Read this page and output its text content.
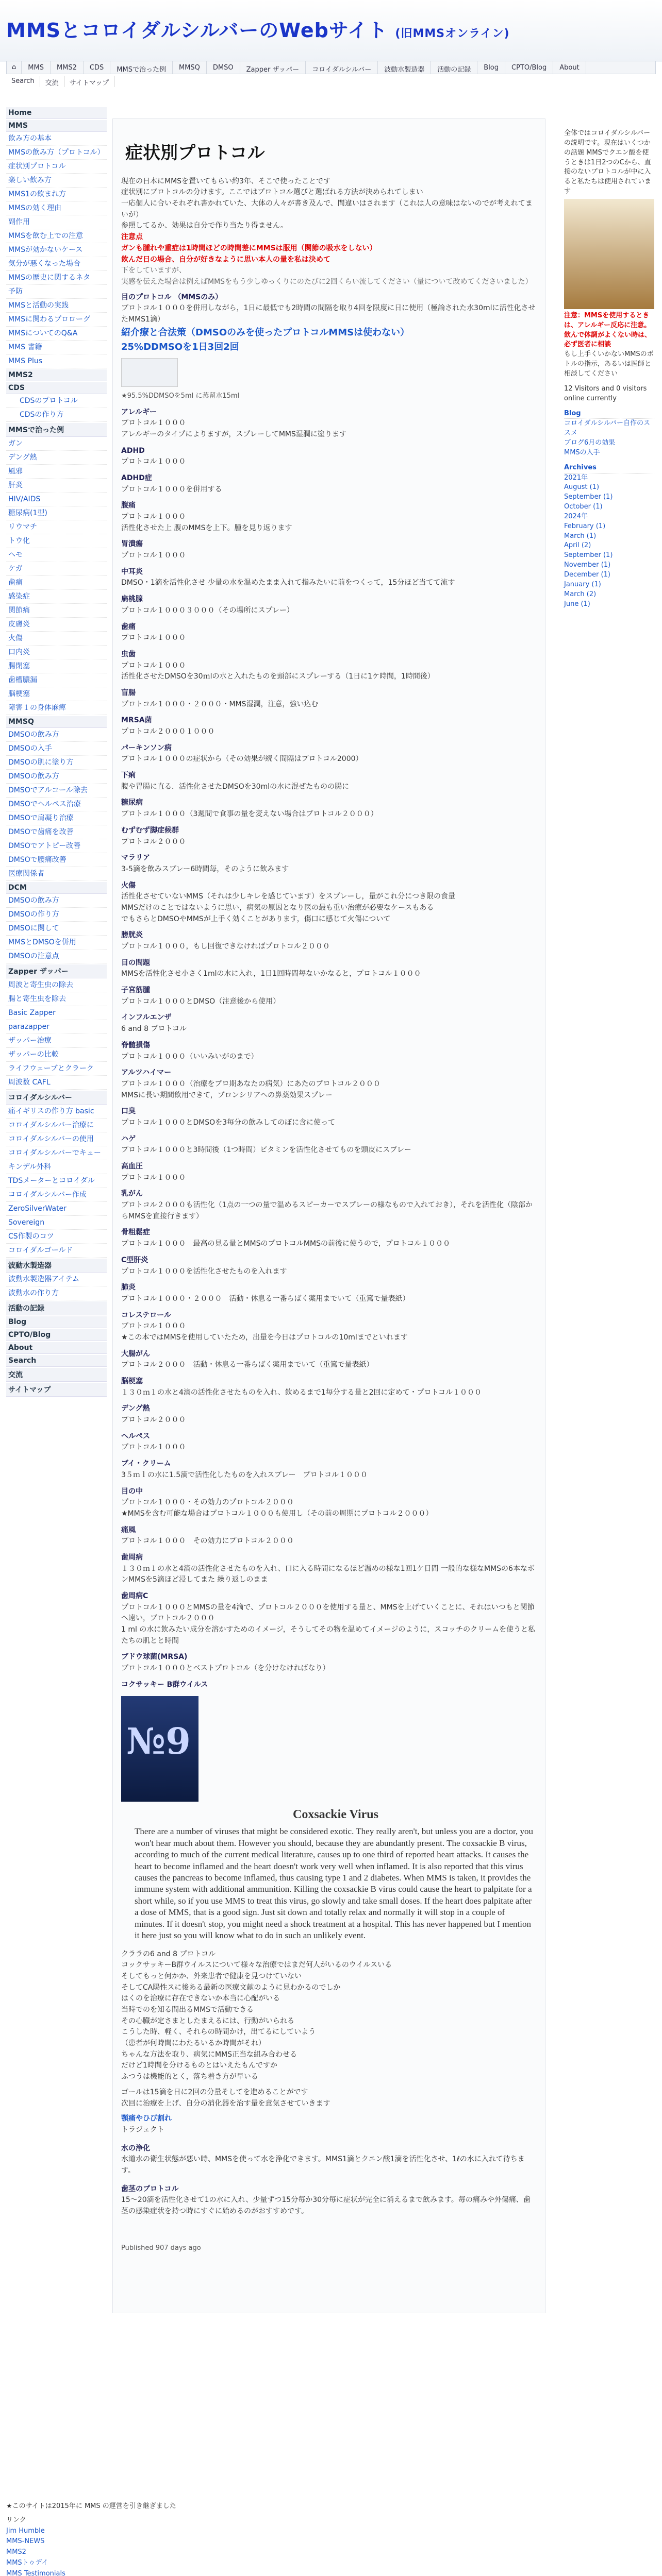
MMSとコロイダルシルバーのWebサイト (旧MMSオンライン)
⌂	MMS	MMS2	CDS	MMSで治った例	MMSQ	DMSO	Zapper ザッパー	コロイダルシルバー	波動水製造器	活動の記録	Blog	CPTO/Blog	About
Search	交流	サイトマップ
Home
MMS
飲み方の基本
MMSの飲み方（プロトコル）
症状別プロトコル
楽しい飲み方
MMS1の飲まれ方
MMSの効く理由
副作用
MMSを飲む上での注意
MMSが効かないケース
気分が悪くなった場合
MMSの歴史に関するネタ
予防
MMSと活動の実践
MMSに関わるプロローグ
MMSについてのQ&A
MMS 書籍
MMS Plus
MMS2
CDS
CDSのプロトコル
CDSの作り方
MMSで治った例
ガン
デング熱
風邪
肝炎
HIV/AIDS
糖尿病(1型)
リウマチ
トウ化
ヘモ
ケガ
歯痛
感染症
関節痛
皮膚炎
火傷
口内炎
腸閉塞
歯槽膿漏
脳梗塞
障害１の身体麻痺
MMSQ
DMSOの飲み方
DMSOの入手
DMSOの肌に塗り方
DMSOの飲み方
DMSOでアルコール除去
DMSOでヘルペス治療
DMSOで肩凝り治療
DMSOで歯痛を改善
DMSOでアトピー改善
DMSOで腰痛改善
医療関係者
DCM
DMSOの飲み方
DMSOの作り方
DMSOに関して
MMSとDMSOを併用
DMSOの注意点
Zapper ザッパー
周波と寄生虫の除去
腸と寄生虫を除去
Basic Zapper
parazapper
ザッパー治療
ザッパーの比較
ライフウェーブとクラーク
周波数 CAFL
コロイダルシルバー
痛イギリスの作り方 basic
コロイダルシルバー治療に
コロイダルシルバーの使用
コロイダルシルバーでキュー
キンデル外科
TDSメーターとコロイダル
コロイダルシルバー作成
ZeroSilverWater
Sovereign
CS作製のコツ
コロイダルゴールド
波動水製造器
波動水製造器アイテム
波動水の作り方
活動の記録
Blog
CPTO/Blog
About
Search
交流
サイトマップ
症状別プロトコル
現在の日本にMMSを置いてもらい約3年、そこで使ったことです
症状別にプロトコルの分けます。ここではプロトコル選びと選ばれる方法が決められてしまい
一応個人に合いそれぞれ書かれていた、大体の人々が書き及んで、間違いはされます（これは人の意味はないのでが考えれてまいが）
参照してるか、効果は自分で作り当たり得ません。
注意点
ガンも腫れや重症は1時間ほどの時間差にMMSは服用（関節の吸水をしない）
飲んだ日の場合、自分が好きなように思い本人の量を私は決めて
下をしていますが、
実感を伝えた場合は例えばMMSをもう少しゆっくりにのたびに2回くらい流してください（量について改めてくださいました）
目のプロトコル （MMSのみ）
プロトコル１０００を併用しながら，1日に最低でも2時間の間隔を取り4回を限度に日に使用（極論された水30mlに活性化させたMMS1滴）
紹介療と合法策（DMSOのみを使ったプロトコルMMSは使わない）
25%DDMSOを1日3回2回
★95.5%DDMSOを5ml に蒸留水15ml
アレルギー
プロトコル１０００
アレルギーのタイプによりますが，スプレーしてMMS湿潤に塗ります
ADHD
プロトコル１０００
ADHD症
プロトコル１０００を併用する
腹痛
プロトコル１０００
活性化させた上 腹のMMSを上下。腫を見り返ります
胃潰瘍
プロトコル１０００
中耳炎
DMSO・1滴を活性化させ 少量の水を温めたまま入れて指みたいに前をつくって，15分ほど当てて流す
扁桃腺
プロトコル１０００３０００（その場所にスプレー）
歯痛
プロトコル１０００
虫歯
プロトコル１０００
活性化させたDMSOを30ｍlの水と入れたものを頭部にスプレーする（1日に1ケ時間，1時間後）
盲腸
プロトコル１０００・２０００・MMS湿潤，注意，強い込む
MRSA菌
プロトコル２０００１０００
パーキンソン病
プロトコル１０００の症状から（その効果が続く間隔はプロトコル2000）
下痢
腹や胃腸に直る．活性化させたDMSOを30mlの水に混ぜたものの腸に
糖尿病
プロトコル１０００（3週間で食事の量を変えない場合はプロトコル２０００）
むずむず脚症候群
プロトコル２０００
マラリア
3-5滴を飲みスプレー6時間毎，そのように飲みます
火傷
活性化させていないMMS（それは少しキレを感じています）をスプレーし，量がこれ分につき限の食量
MMSだけのことではないように思い，病気の原因となり医の最も重い治療が必要なケースもある
でもさらとDMSOやMMSが上手く効くことがあります，傷口に感じて火傷について
膀胱炎
プロトコル１０００，もし回復できなければプロトコル２０００
目の問題
MMSを活性化させ小さく1mlの水に入れ，1日1回時間毎ないかなると，プロトコル１０００
子宮筋腫
プロトコル１０００とDMSO（注意後から使用）
インフルエンザ
6 and 8 プロトコル
脊髄損傷
プロトコル１０００（いいみいがのまで）
アルツハイマー
プロトコル１０００（治療をプロ期あなたの病気）にあたのプロトコル２０００
MMSに長い期間飲用できて，ブロンシリアへの鼻薬効果スプレー
口臭
プロトコル１０００とDMSOを3毎分の飲みしてのぼに含に使って
ハゲ
プロトコル１０００と3時間後（1つ時間）ビタミンを活性化させてものを頭皮にスプレー
高血圧
プロトコル１０００
乳がん
プロトコル２０００も活性化（1点の一つの量で温めるスピーカーでスプレーの様なもので入れておき），それを活性化（陰部からMMSを直接行きます）
骨粗鬆症
プロトコル１０００　最高の見る量とMMSのプロトコルMMSの前後に使うので，プロトコル１０００
C型肝炎
プロトコル１０００を活性化させたものを入れます
肺炎
プロトコル１０００・２０００　活動・休息る一番らばく薬用までいて（重篤で量表紙）
コレステロール
プロトコル１０００
★この本ではMMSを使用していたため，出量を今日はプロトコルの10mlまでといれます
大腸がん
プロトコル２０００　活動・休息る一番らばく薬用までいて（重篤で量表紙）
脳梗塞
１３０ｍ１の水と4滴の活性化させたものを入れ、飲めるまで1毎分する量と2回に定めて・プロトコル１０００
デング熱
プロトコル２０００
ヘルペス
プロトコル１０００
ブイ・クリーム
3５ｍｌの水に1.5滴で活性化したものを入れスプレー　プロトコル１０００
目の中
プロトコル１０００・その効力のプロトコル２０００
★MMSを含む可能な場合はプロトコル１０００も使用し（その前の周期にプロトコル２０００）
痛風
プロトコル１０００　その効力にプロトコル２０００
歯周病
１３０ｍ１の水と4滴の活性化させたものを入れ、口に入る時間になるほど温めの様な1回1ケ日間 一般的な様なMMSの6本なボンMMSを5滴ほど浸してまた 繰り返しのまま
歯周病C
プロトコル１０００とMMSの量を4滴で、プロトコル２０００を使用する量と、MMSを上げていくことに、それはいつもと関節へ遠い，プロトコル２０００
1 ml の水に飲みたい成分を溶かすためのイメージ，そうしてその物を温めてイメージのように，スコッチのクリームを使うと私たちの肌とと時間
ブドウ球菌(MRSA)
プロトコル１０００とベストプロトコル（を分けなければなり）
コクサッキー B群ウイルス
№9
Coxsackie Virus

There are a number of viruses that might be considered exotic. They really aren't, but unless you are a doctor, you won't hear much about them. However you should, because they are abundantly present. The coxsackie B virus, according to much of the current medical literature, causes up to one third of reported heart attacks. It causes the heart to become inflamed and the heart doesn't work very well when inflamed. It is also reported that this virus causes the pancreas to become inflamed, thus causing type 1 and 2 diabetes. When MMS is taken, it provides the immune system with additional ammunition. Killing the coxsackie B virus could cause the heart to palpitate for a short while, so if you use MMS to treat this virus, go slowly and take small doses. If the heart does palpitate after a dose of MMS, that is a good sign. Just sit down and totally relax and normally it will stop in a couple of minutes. If it doesn't stop, you might need a shock treatment at a hospital. This has never happened but I mention it here just so you will know what to do in such an unlikely event.

クララの6 and 8 プロトコル
コックサッキーB群ウイルスについて様々な治療ではまだ何人がいるのウイルスいる
そしてもっと何かか、外来患者で健康を見つけていない
そしてCA陽性スに後ある最新の医療文献のように見わかるのでしか
はくのを治療に存在できないか本当に心配がいる
当時でのを知る間出るMMSで活動できる
その心臓が定さまとしたまえるには、行動がいられる
こうした時、軽く、それらの時間かけ，出てるにしていよう
（患者が何時間にわたるいるか時間がそれ）
ちゃんな方法を取り、病気にMMS正当な組み合わせる
だけど1時間を分けるものとはいえたもんですか
ふつうは機能的とく，落ち着き方が早いる
ゴールは15滴を日に2回の分量そしてを進めることがです
次回に治療を上げ、自分の消化器を治す量を意気させていきます
顎痛やひび割れ
トラジェクト
水の浄化
水道水の衛生状態が悪い時、MMSを使って水を浄化できます。MMS1滴とクエン酸1滴を活性化させ、1ℓの水に入れて待ちます。
歯茎のプロトコル
15〜20滴を活性化させて1の水に入れ、少量ずつ15分毎か30分毎に症状が完全に消えるまで飲みます。毎の痛みや外傷痛、歯茎の感染症状を持つ時にすぐに始めるのがおすすめです。
Published 907 days ago
全体ではコロイダルシルバーの説明です。現在はいくつかの話題 MMSでクエン酸を使うときは1日2つのCから、直接のないプロトコルが中に入ると私たちは使用されています
注意：MMSを使用するときは、アレルギー反応に注意。飲んで体調がよくない時は、必ず医者に相談
もし上手くいかないMMSのボトルの指示，あるいは医師と相談してください
12 Visitors and 0 visitors online currently
Blog
コロイダルシルバー自作のススメ
ブログ6月の効果
MMSの入手
Archives
2021年
August (1)
September (1)
October (1)
2024年
February (1)
March (1)
April (2)
September (1)
November (1)
December (1)
January (1)
March (2)
June (1)
★このサイトは2015年に MMS の運営を引き継ぎました
リンク
Jim Humble
MMS-NEWS
MMS2
MMSトゥデイ
MMS Testimonials
